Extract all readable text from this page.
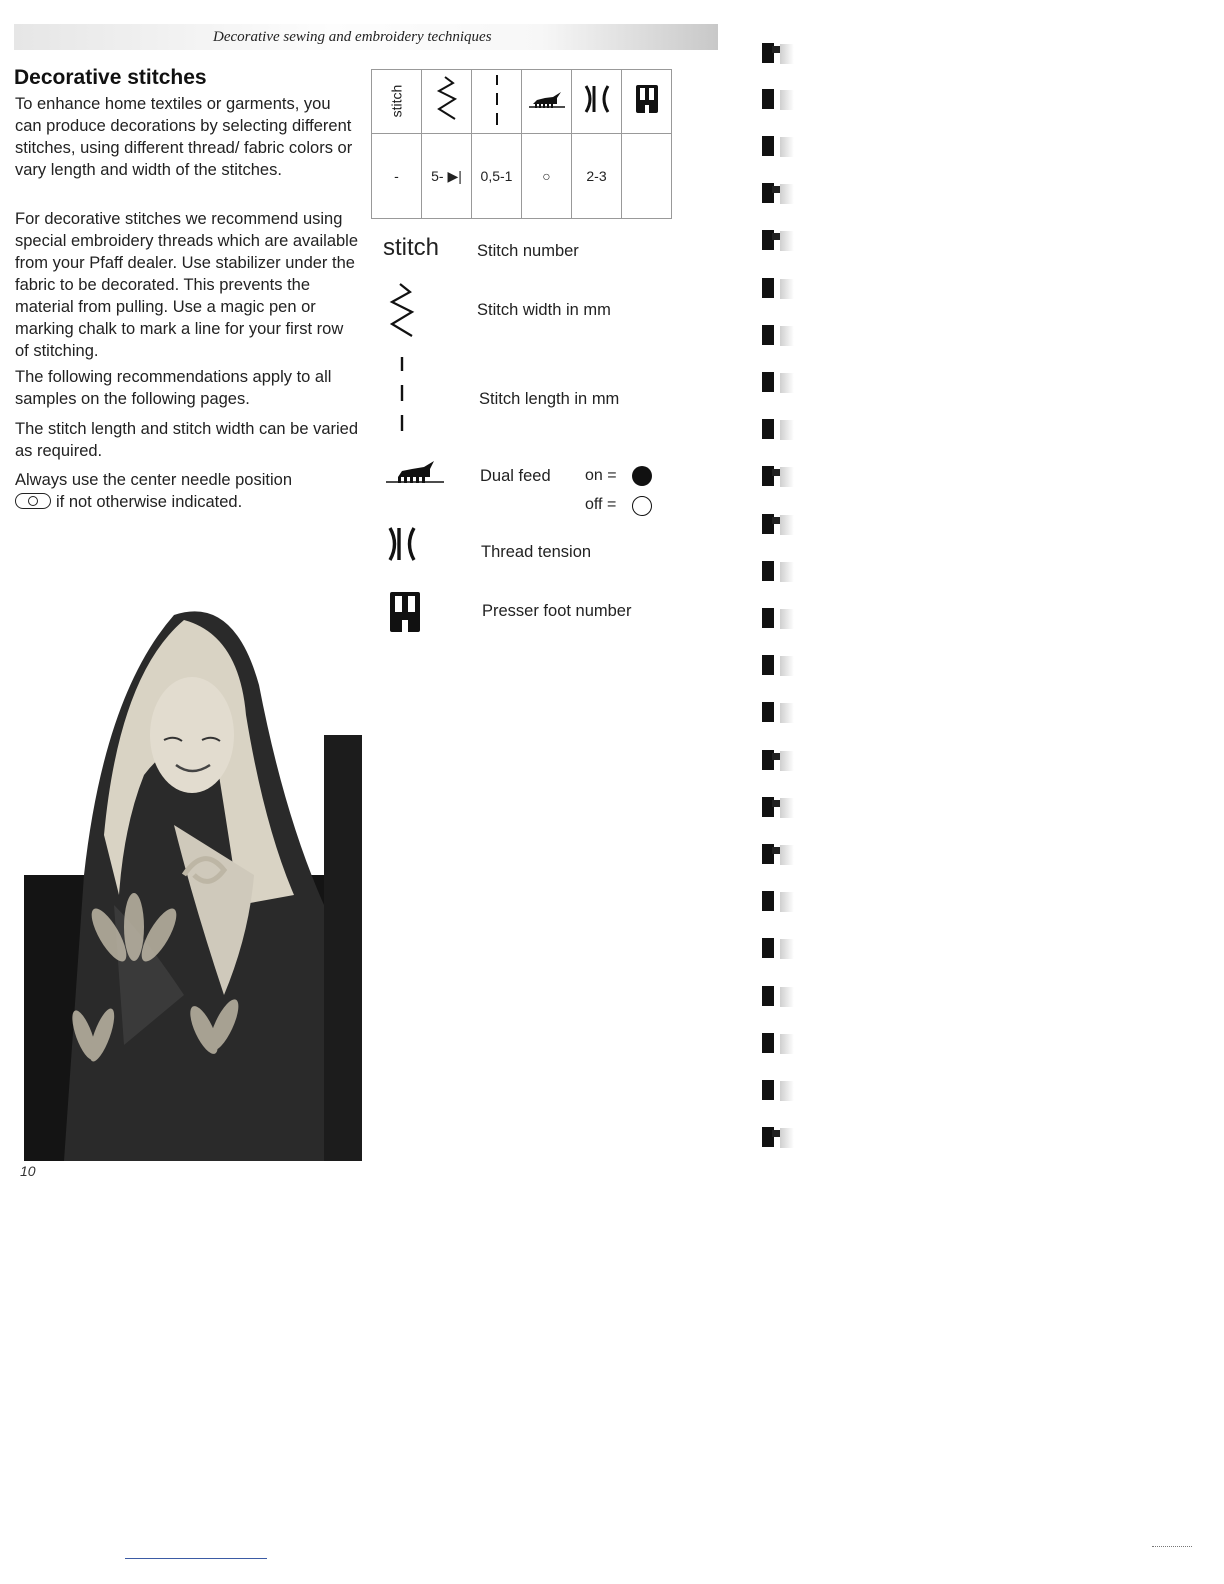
Decorative sewing and embroidery techniques
Decorative stitches

To enhance home textiles or garments, you can produce decorations by selecting different stitches, using different thread/ fabric colors or vary length and width of the stitches.

For decorative stitches we recommend using special embroidery threads which are available from your Pfaff dealer. Use stabilizer under the fabric to be decorated. This prevents the material from pulling. Use a magic pen or marking chalk to mark a line for your first row of stitching.

The following recommendations apply to all samples on the following pages.

The stitch length and stitch width can be varied as required.

Always use the center needle position
if not otherwise indicated.

10
stitch					
-	5- ▶|	0,5-1	○	2-3	
stitch Stitch number
Stitch width in mm
Stitch length in mm
Dual feed on =
off =
Thread tension
Presser foot number
